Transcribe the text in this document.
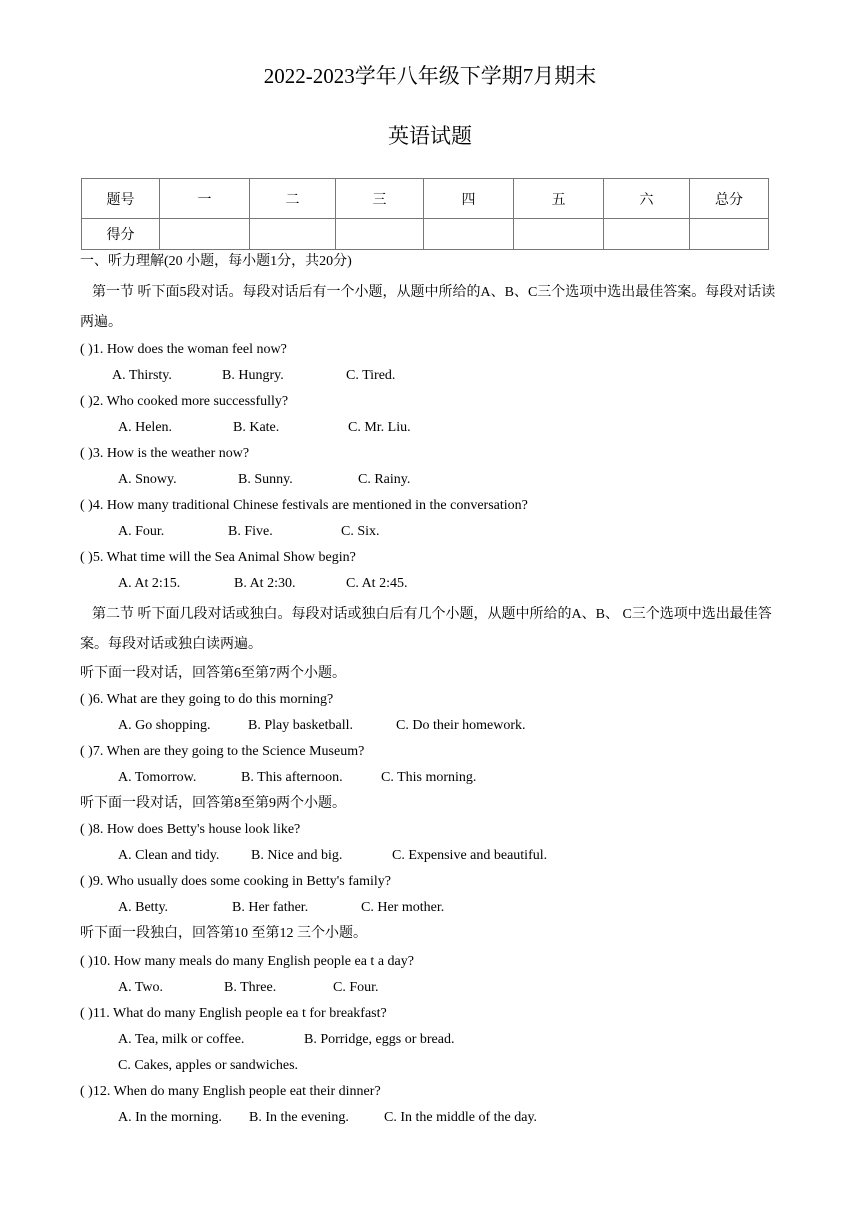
2022-2023学年八年级下学期7月期末
英语试题
题号	一	二	三	四	五	六	总分
得分							
一、听力理解(20 小题，每小题1分，共20分)
第一节 听下面5段对话。每段对话后有一个小题，从题中所给的A、B、C三个选项中选出最佳答案。每段对话读两遍。
( )1. How does the woman feel now?
A. Thirsty.	B. Hungry.	C. Tired.
( )2. Who cooked more successfully?
A. Helen.	B. Kate.	C. Mr. Liu.
( )3. How is the weather now?
A. Snowy.	B. Sunny.	C. Rainy.
( )4. How many traditional Chinese festivals are mentioned in the conversation?
A. Four.	B. Five.	C. Six.
( )5. What time will the Sea Animal Show begin?
A. At 2:15.	B. At 2:30.	C. At 2:45.
第二节 听下面几段对话或独白。每段对话或独白后有几个小题，从题中所给的A、B、 C三个选项中选出最佳答案。每段对话或独白读两遍。
听下面一段对话，回答第6至第7两个小题。
( )6. What are they going to do this morning?
A. Go shopping.	B. Play basketball.	C. Do their homework.
( )7. When are they going to the Science Museum?
A. Tomorrow.	B. This afternoon.	C. This morning.
听下面一段对话，回答第8至第9两个小题。
( )8. How does Betty's house look like?
A. Clean and tidy. B. Nice and big.	C. Expensive and beautiful.
( )9. Who usually does some cooking in Betty's family?
A. Betty.	B. Her father.	C. Her mother.
听下面一段独白，回答第10 至第12 三个小题。
( )10. How many meals do many English people ea t a day?
A. Two.	B. Three.	C. Four.
( )11. What do many English people ea t for breakfast?
A. Tea, milk or coffee.	B. Porridge, eggs or bread.
C. Cakes, apples or sandwiches.
( )12. When do many English people eat their dinner?
A. In the morning. B. In the evening.	C. In the middle of the day.
